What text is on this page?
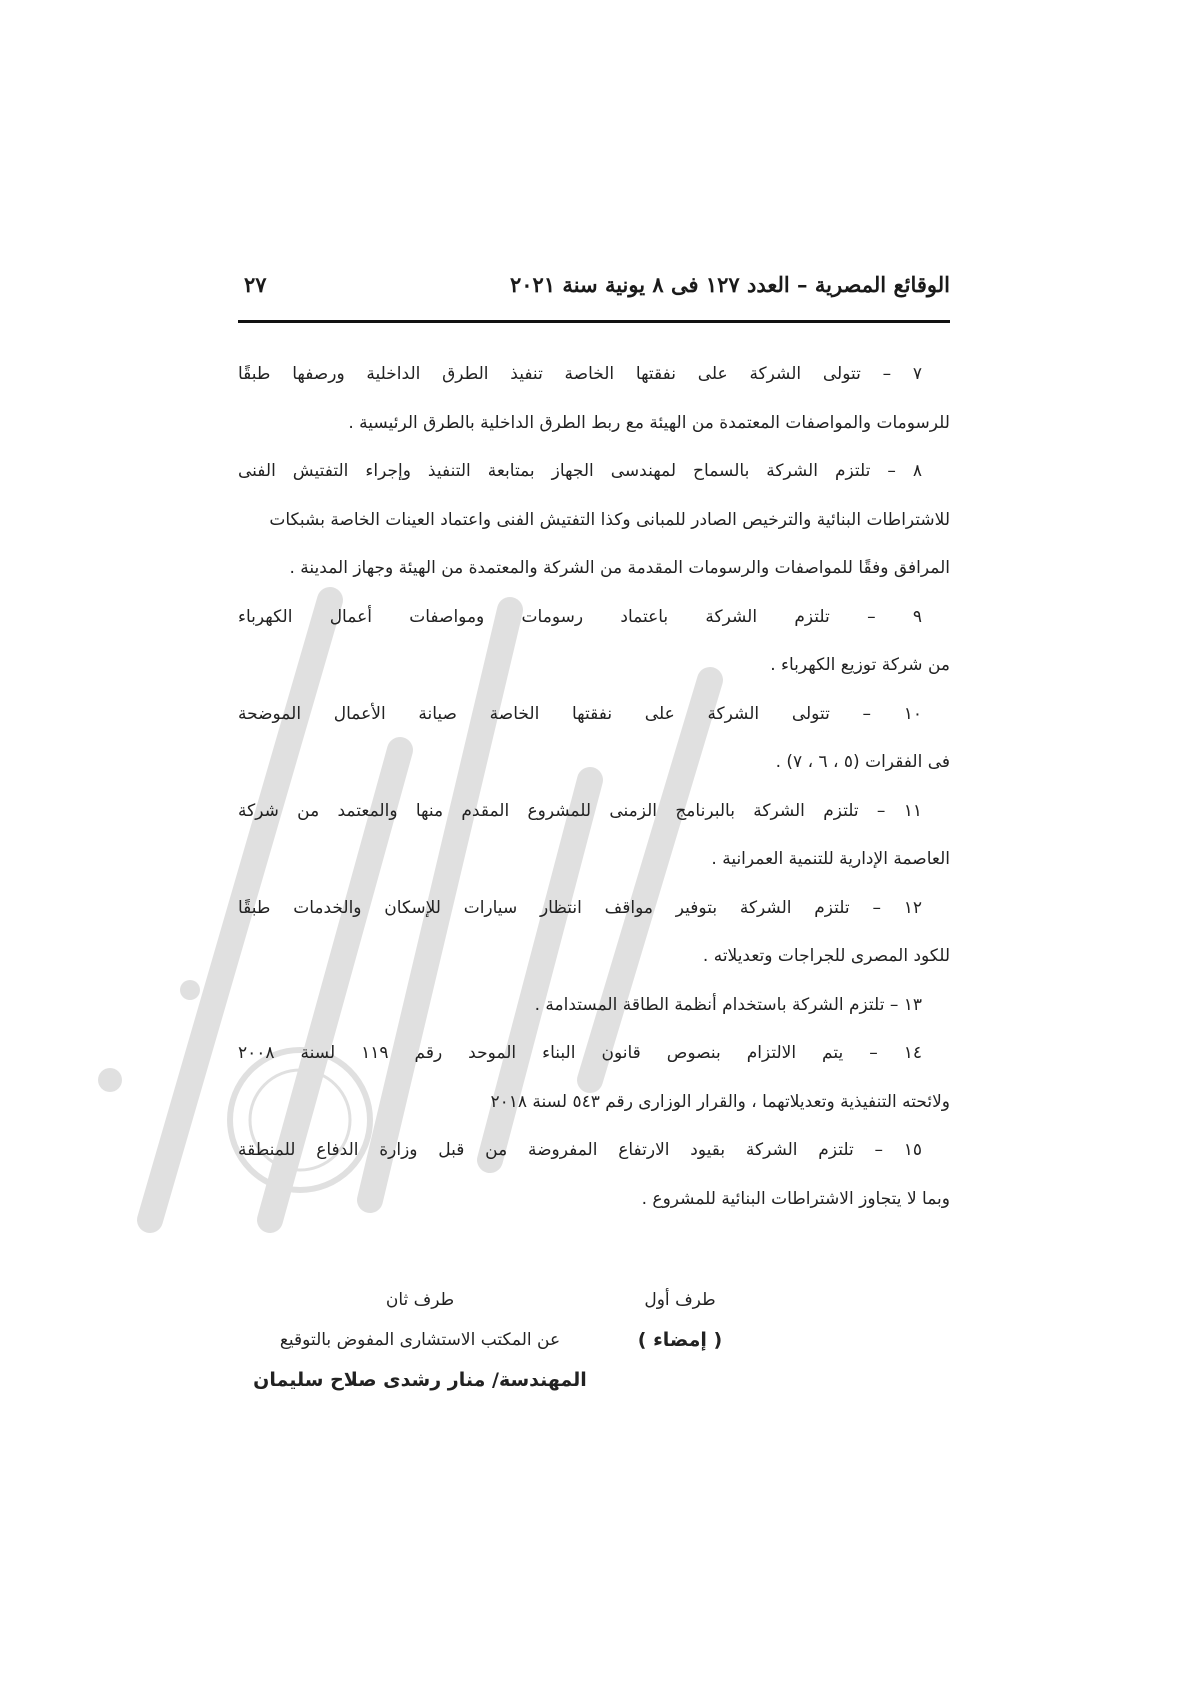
الوقائع المصرية – العدد ١٢٧ فى ٨ يونية سنة ٢٠٢١
٢٧

٧ – تتولى الشركة على نفقتها الخاصة تنفيذ الطرق الداخلية ورصفها طبقًا
للرسومات والمواصفات المعتمدة من الهيئة مع ربط الطرق الداخلية بالطرق الرئيسية .

٨ – تلتزم الشركة بالسماح لمهندسى الجهاز بمتابعة التنفيذ وإجراء التفتيش الفنى
للاشتراطات البنائية والترخيص الصادر للمبانى وكذا التفتيش الفنى واعتماد العينات الخاصة بشبكات المرافق وفقًا للمواصفات والرسومات المقدمة من الشركة والمعتمدة من الهيئة وجهاز المدينة .

٩ – تلتزم الشركة باعتماد رسومات ومواصفات أعمال الكهرباء
من شركة توزيع الكهرباء .

١٠ – تتولى الشركة على نفقتها الخاصة صيانة الأعمال الموضحة
فى الفقرات (٥ ، ٦ ، ٧) .

١١ – تلتزم الشركة بالبرنامج الزمنى للمشروع المقدم منها والمعتمد من شركة
العاصمة الإدارية للتنمية العمرانية .

١٢ – تلتزم الشركة بتوفير مواقف انتظار سيارات للإسكان والخدمات طبقًا
للكود المصرى للجراجات وتعديلاته .

١٣ – تلتزم الشركة باستخدام أنظمة الطاقة المستدامة .

١٤ – يتم الالتزام بنصوص قانون البناء الموحد رقم ١١٩ لسنة ٢٠٠٨
ولائحته التنفيذية وتعديلاتهما ، والقرار الوزارى رقم ٥٤٣ لسنة ٢٠١٨

١٥ – تلتزم الشركة بقيود الارتفاع المفروضة من قبل وزارة الدفاع للمنطقة
وبما لا يتجاوز الاشتراطات البنائية للمشروع .

طرف أول
( إمضاء )
طرف ثان
عن المكتب الاستشارى المفوض بالتوقيع
المهندسة/ منار رشدى صلاح سليمان
